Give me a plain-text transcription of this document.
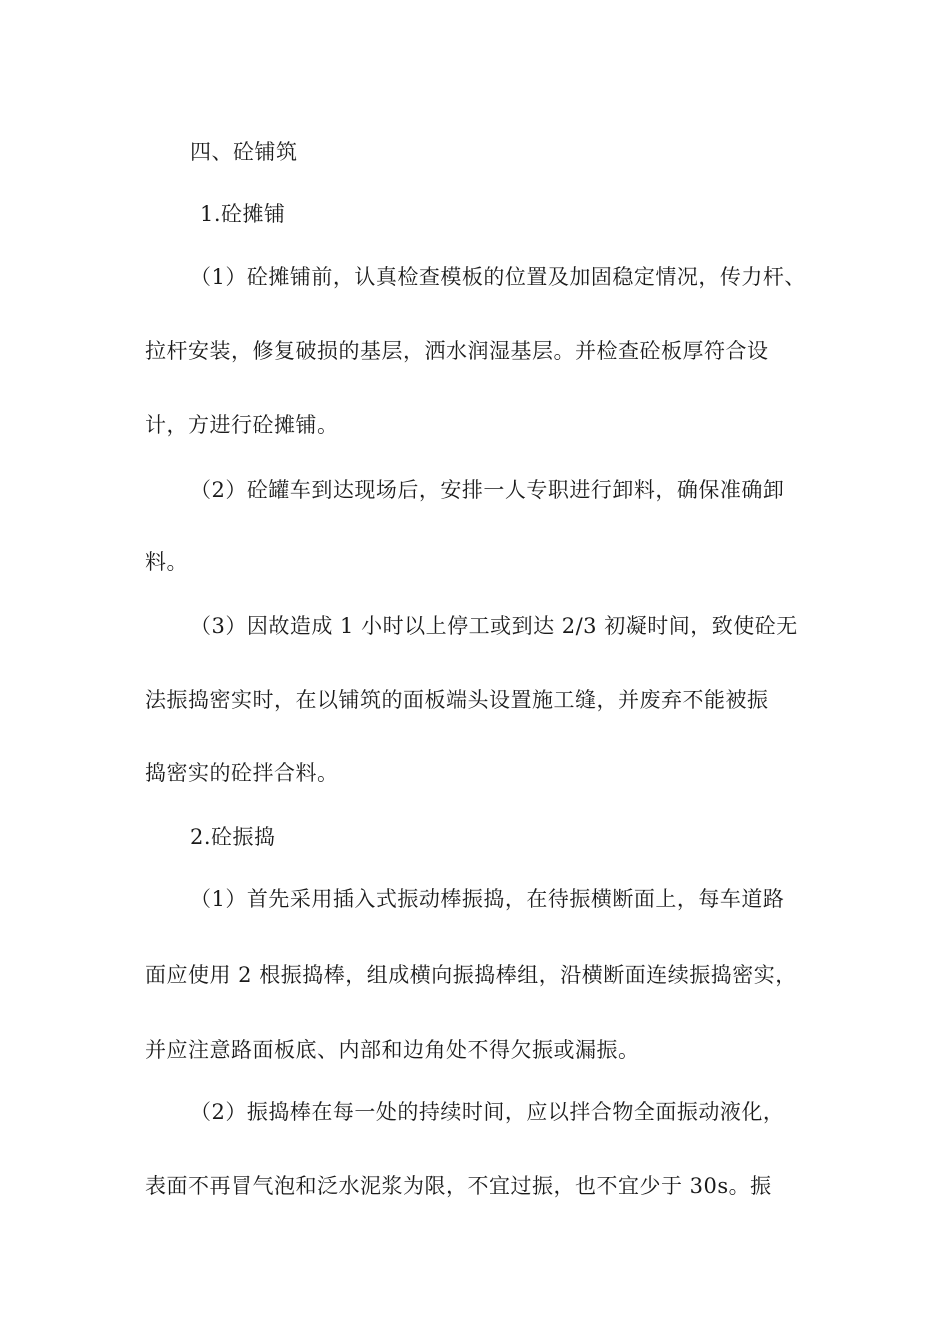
四、砼铺筑
1.砼摊铺
（1）砼摊铺前，认真检查模板的位置及加固稳定情况，传力杆、
拉杆安装，修复破损的基层，洒水润湿基层。并检查砼板厚符合设
计，方进行砼摊铺。
（2）砼罐车到达现场后，安排一人专职进行卸料，确保准确卸
料。
（3）因故造成 1 小时以上停工或到达 2/3 初凝时间，致使砼无
法振捣密实时，在以铺筑的面板端头设置施工缝，并废弃不能被振
捣密实的砼拌合料。
2.砼振捣
（1）首先采用插入式振动棒振捣，在待振横断面上，每车道路
面应使用 2 根振捣棒，组成横向振捣棒组，沿横断面连续振捣密实，
并应注意路面板底、内部和边角处不得欠振或漏振。
（2）振捣棒在每一处的持续时间，应以拌合物全面振动液化，
表面不再冒气泡和泛水泥浆为限，不宜过振，也不宜少于 30s。振
